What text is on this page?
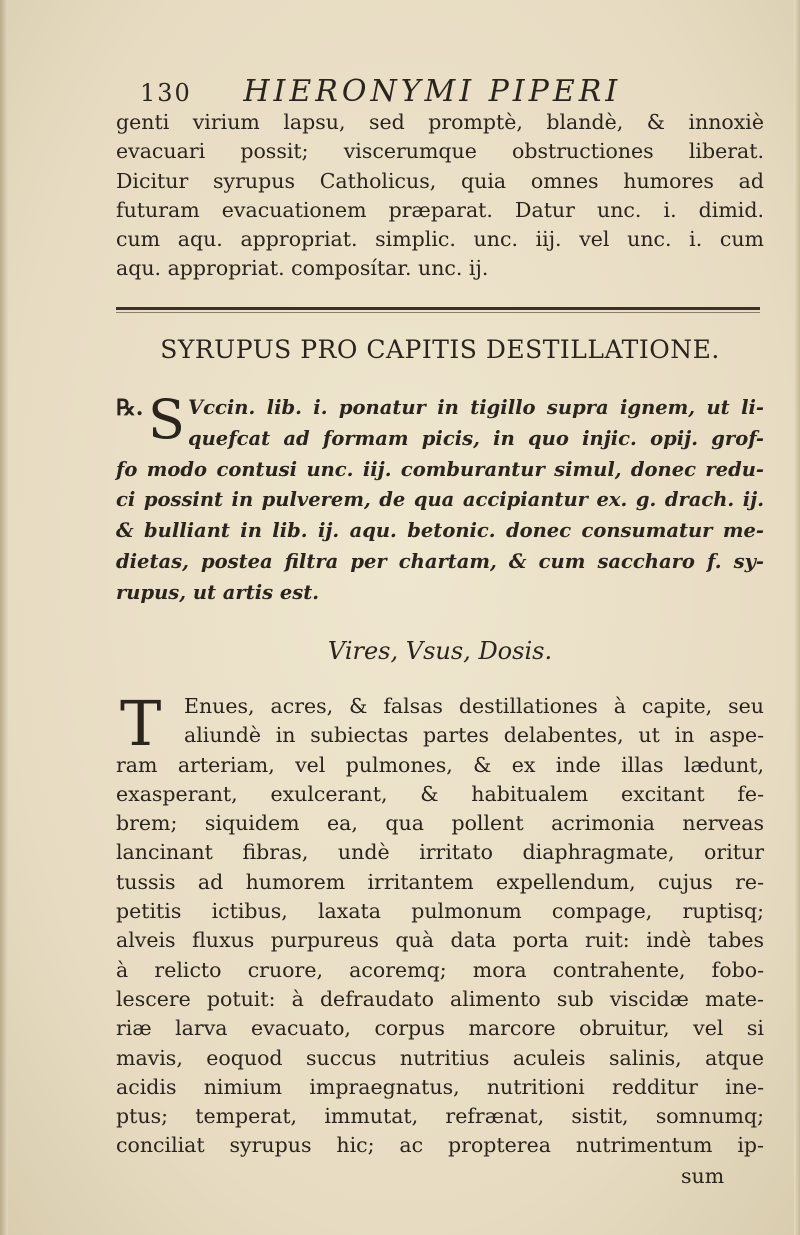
130 HIERONYMI PIPERI
genti virium lapsu, sed promptè, blandè, & innoxiè
evacuari possit; viscerumque obstructiones liberat.
Dicitur syrupus Catholicus, quia omnes humores ad
futuram evacuationem præparat. Datur unc. i. dimid.
cum aqu. appropriat. simplic. unc. iij. vel unc. i. cum
aqu. appropriat. composítar. unc. ij.
SYRUPUS PRO CAPITIS DESTILLATIONE.
℞. S Vccin. lib. i. ponatur in tigillo supra ignem, ut li-
quefcat ad formam picis, in quo injic. opij. grof-
fo modo contusi unc. iij. comburantur simul, donec redu-
ci possint in pulverem, de qua accipiantur ex. g. drach. ij.
& bulliant in lib. ij. aqu. betonic. donec consumatur me-
dietas, postea filtra per chartam, & cum saccharo f. sy-
rupus, ut artis est.
Vires, Vsus, Dosis.
T	Enues, acres, & falsas destillationes à capite, seu
aliundè in subiectas partes delabentes, ut in aspe-
ram arteriam, vel pulmones, & ex inde illas lædunt,
exasperant, exulcerant, & habitualem excitant fe-
brem; siquidem ea, qua pollent acrimonia nerveas
lancinant fibras, undè irritato diaphragmate, oritur
tussis ad humorem irritantem expellendum, cujus re-
petitis ictibus, laxata pulmonum compage, ruptisq;
alveis fluxus purpureus quà data porta ruit: indè tabes
à relicto cruore, acoremq; mora contrahente, fobo-
lescere potuit: à defraudato alimento sub viscidæ mate-
riæ larva evacuato, corpus marcore obruitur, vel si
mavis, eoquod succus nutritius aculeis salinis, atque
acidis nimium impraegnatus, nutritioni redditur ine-
ptus; temperat, immutat, refrænat, sistit, somnumq;
conciliat syrupus hic; ac propterea nutrimentum ip-
sum
